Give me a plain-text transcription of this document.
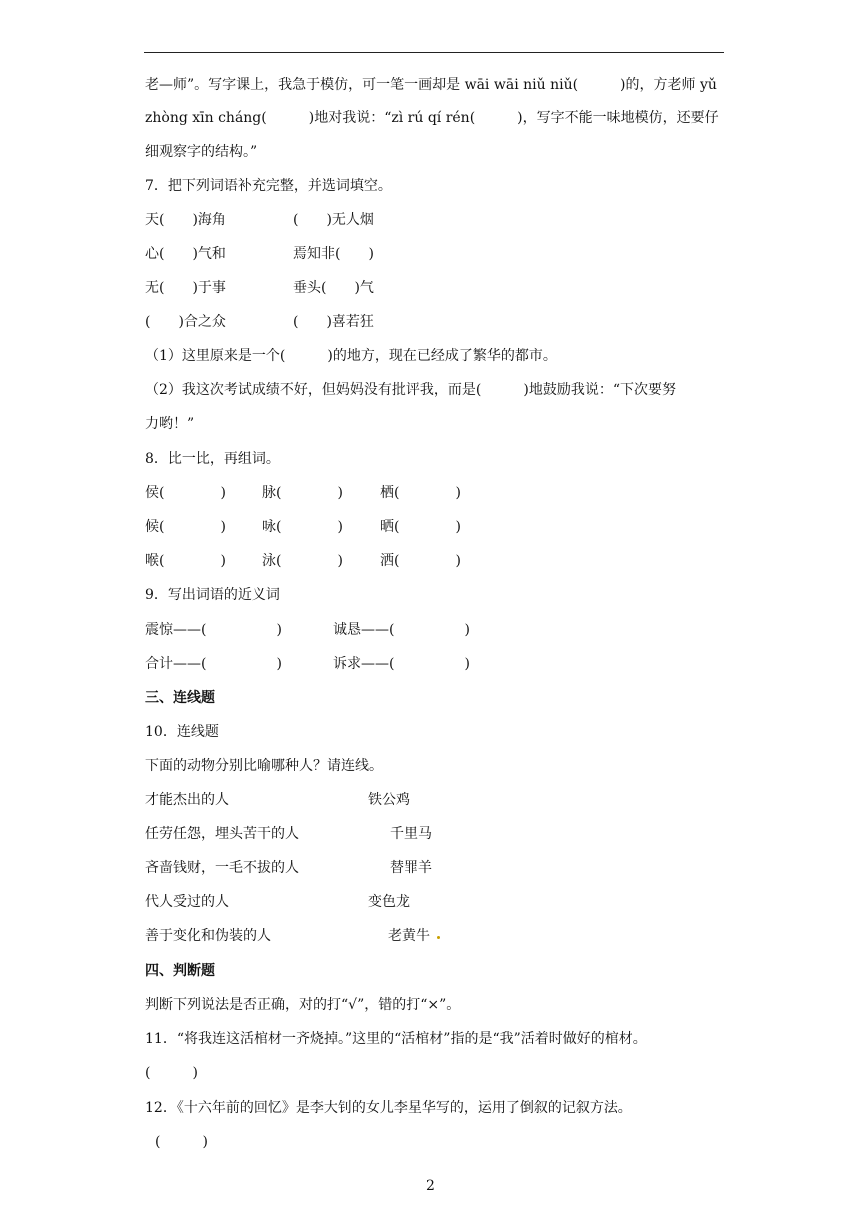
老—师”。写字课上，我急于模仿，可一笔一画却是 wāi wāi niǔ niǔ(　　　)的，方老师 yǔ
zhòng xīn cháng(　　　)地对我说：“zì rú qí rén(　　　)，写字不能一味地模仿，还要仔
细观察字的结构。”
7．把下列词语补充完整，并选词填空。
天(　　)海角	(　　)无人烟
心(　　)气和	焉知非(　　)
无(　　)于事	垂头(　　)气
(　　)合之众	(　　)喜若狂
（1）这里原来是一个(　　　)的地方，现在已经成了繁华的都市。
（2）我这次考试成绩不好，但妈妈没有批评我，而是(　　　)地鼓励我说：“下次要努
力哟！”
8．比一比，再组词。
侯(　　　　)	脉(　　　　)	栖(　　　　)
候(　　　　)	咏(　　　　)	晒(　　　　)
喉(　　　　)	泳(　　　　)	洒(　　　　)
9．写出词语的近义词
震惊——(　　　　　)	诚恳——(　　　　　)
合计——(　　　　　)	诉求——(　　　　　)
三、连线题
10．连线题
下面的动物分别比喻哪种人？请连线。
才能杰出的人	铁公鸡
任劳任怨，埋头苦干的人	千里马
吝啬钱财，一毛不拔的人	替罪羊
代人受过的人	变色龙
善于变化和伪装的人	老黄牛
四、判断题
判断下列说法是否正确，对的打“√”，错的打“×”。
11．“将我连这活棺材一齐烧掉。”这里的“活棺材”指的是“我”活着时做好的棺材。
(　　　)
12．《十六年前的回忆》是李大钊的女儿李星华写的，运用了倒叙的记叙方法。
(　　　)
2
